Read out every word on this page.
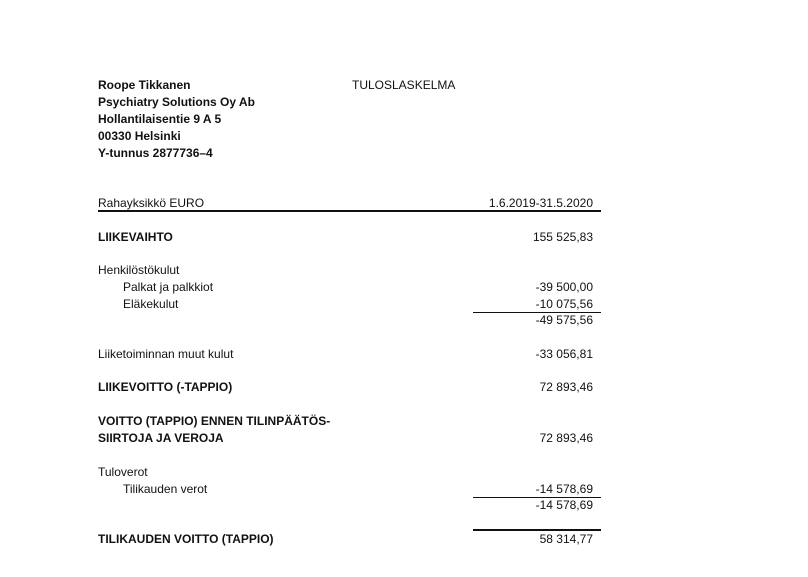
Roope Tikkanen
Psychiatry Solutions Oy Ab
Hollantilaisentie 9 A 5
00330 Helsinki
Y-tunnus 2877736–4
TULOSLASKELMA
Rahayksikkö EURO	1.6.2019-31.5.2020
LIIKEVAIHTO	155 525,83
Henkilöstökulut
Palkat ja palkkiot	-39 500,00
Eläkekulut	-10 075,56
-49 575,56
Liiketoiminnan muut kulut	-33 056,81
LIIKEVOITTO (-TAPPIO)	72 893,46
VOITTO (TAPPIO) ENNEN TILINPÄÄTÖS-
SIIRTOJA JA VEROJA	72 893,46
Tuloverot
Tilikauden verot	-14 578,69
-14 578,69
TILIKAUDEN VOITTO (TAPPIO)	58 314,77
